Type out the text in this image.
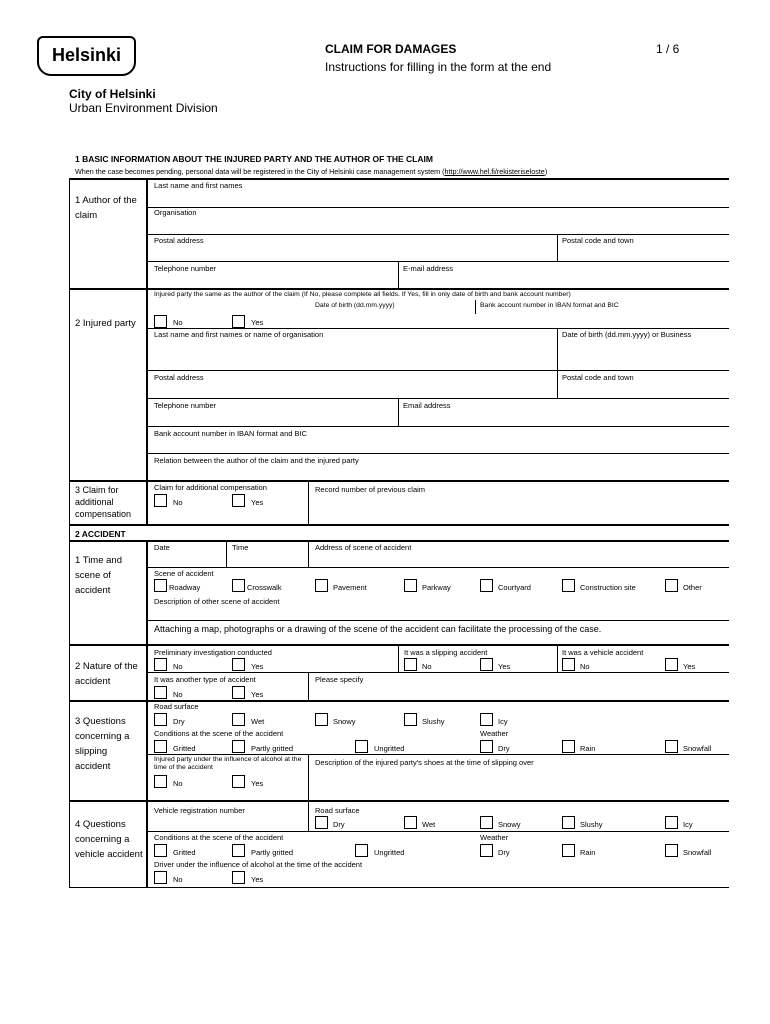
Helsinki	CLAIM FOR DAMAGES
Instructions for filling in the form at the end
1 / 6
City of Helsinki
Urban Environment Division
1 BASIC INFORMATION ABOUT THE INJURED PARTY AND THE AUTHOR OF THE CLAIM
When the case becomes pending, personal data will be registered in the City of Helsinki case management system (http://www.hel.fi/rekisteriseloste)
1 Author of the claim
Last name and first names
Organisation
Postal address	Postal code and town
Telephone number	E-mail address
2 Injured party
Injured party the same as the author of the claim (If No, please complete all fields. If Yes, fill in only date of birth and bank account number)
Date of birth (dd.mm.yyyy)	Bank account number in IBAN format and BIC
No	Yes
Last name and first names or name of organisation	Date of birth (dd.mm.yyyy) or Business
Postal address	Postal code and town
Telephone number	Email address
Bank account number in IBAN format and BIC
Relation between the author of the claim and the injured party
3 Claim for additional compensation
Claim for additional compensation
No	Yes
Record number of previous claim
2 ACCIDENT
1 Time and scene of accident
Date	Time	Address of scene of accident
Scene of accident
Roadway	Crosswalk	Pavement	Parkway	Courtyard	Construction site	Other
Description of other scene of accident
Attaching a map, photographs or a drawing of the scene of the accident can facilitate the processing of the case.
2 Nature of the accident
Preliminary investigation conducted
No	Yes
It was a slipping accident
No	Yes
It was a vehicle accident
No	Yes
It was another type of accident
No	Yes
Please specify
3 Questions concerning a slipping accident
Road surface
Dry	Wet	Snowy	Slushy	Icy
Conditions at the scene of the accident	Weather
Gritted	Partly gritted	Ungritted	Dry	Rain	Snowfall
Injured party under the influence of alcohol at the time of the accident
No	Yes
Description of the injured party's shoes at the time of slipping over
4 Questions concerning a vehicle accident
Vehicle registration number	Road surface
Dry	Wet	Snowy	Slushy	Icy
Conditions at the scene of the accident	Weather
Gritted	Partly gritted	Ungritted	Dry	Rain	Snowfall
Driver under the influence of alcohol at the time of the accident
No	Yes
